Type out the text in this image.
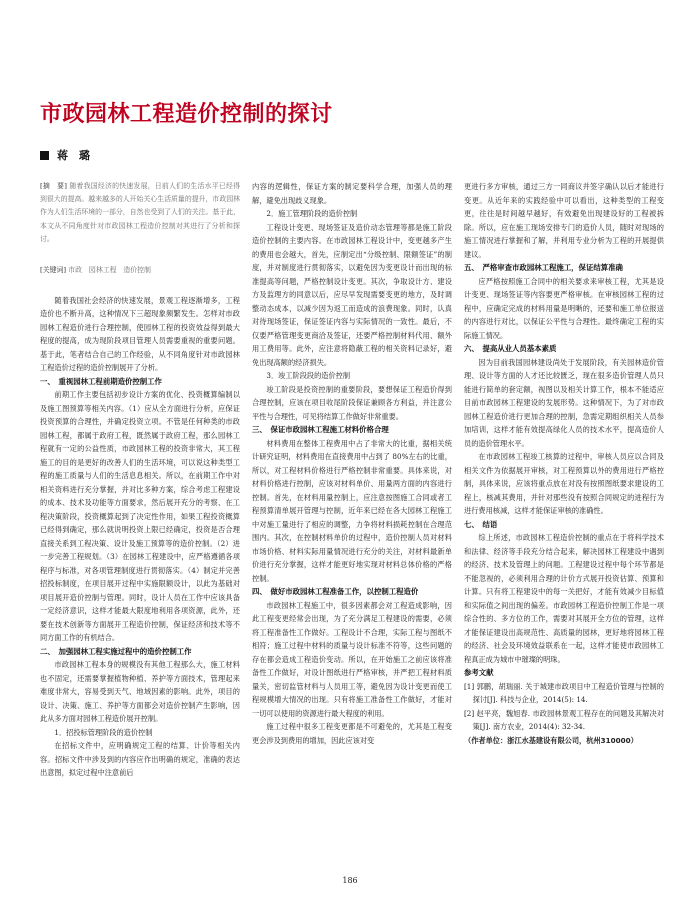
市政园林工程造价控制的探讨
蒋　璐

[摘　要] 随着我国经济的快速发展，日前人们的生活水平已经得到很大的提高。越来越多的人开始关心生活质量的提升，市政园林作为人们生活环境的一部分，自然也受到了人们的关注。基于此，本文从不同角度针对市政园林工程造价控制对其进行了分析和探讨。

[关键词] 市政　园林工程　造价控制

随着我国社会经济的快速发展，景观工程逐渐增多，工程造价也不断升高，这种情况下三超现象频繁发生。怎样对市政园林工程造价进行合理控制，使园林工程的投资效益得到最大程度的提高，成为现阶段项目管理人员需要重视的重要问题。基于此，笔者结合自己的工作经验，从不同角度针对市政园林工程造价过程的造价控制展开了分析。

一、　重视园林工程前期造价控制工作

前期工作主要包括初步设计方案的优化、投资概算编制以及施工图预算等相关内容。（1）应从全方面进行分析，应保证投资预算的合理性，并确定投资立项。不管是任何种类的市政园林工程，都属于政府工程，既然属于政府工程，那么园林工程就有一定的公益性质，市政园林工程的投资非常大，其工程施工的目的是更好的改善人们的生活环境，可以说这种类型工程的施工质量与人们的生活息息相关。所以，在前期工作中对相关资料进行充分掌握，并对比多种方案，综合考虑工程建设的成本、技术及功能等方面要求，然后展开充分的考察、在工程决策阶段，投资概算起到了决定性作用，如果工程投资概算已经得到确定，那么就说明投资上限已经确定，投资是否合理直接关系到工程决策、设计及施工预算等的造价控制。（2）进一步完善工程规划。（3）在园林工程建设中，应严格遵循各项程序与标准，对各项管理制度进行贯彻落实。（4）制定并完善招投标制度，在项目展开过程中实施限额设计，以此为基础对项目展开造价控制与管理。同时，设计人员在工作中应该具备一定经济意识，这样才能最大限度地利用各项资源，此外，还要在技术创新等方面展开工程造价控制，保证经济和技术等不同方面工作的有机结合。

二、　加强园林工程实施过程中的造价控制工作

市政园林工程本身的规模没有其他工程那么大，施工材料也不固定，还需要掌握植物种植、养护等方面技术，管理起来难度非常大，容易受到天气、地域因素的影响。此外，项目的设计、决策、施工、养护等方面都会对造价控制产生影响，因此从多方面对园林工程造价展开控制。

1．招投标管理阶段的造价控制

在招标文件中，应明确规定工程的结算、计价等相关内容。招标文件中涉及到的内容应作出明确的规定，准确的表达出意图，拟定过程中注意前后

内容的逻辑性，保证方案的制定要科学合理，加强人员的理解，避免出现歧义现象。

2．施工管理阶段的造价控制

工程设计变更、现场签证及造价动态管理等都是施工阶段造价控制的主要内容。在市政园林工程设计中，变更越多产生的费用也会越大，首先，应制定出“分级控制、限额签证”的制度，并对制度进行贯彻落实，以避免因为变更设计而出现的标准提高等问题，严格控制设计变更。其次，争取设计方、建设方及监理方的同意以后，应尽早发现需要变更的地方，及时调整动态成本，以减少因为返工而造成的浪费现象。同时，认真对待现场签证，保证签证内容与实际情况的一致性。最后，不仅要严格管理变更商洽及签证，还要严格控制材料代用、额外用工费用等。此外，应注意将隐蔽工程的相关资料记录好，避免出现高额的经济损失。

3．竣工阶段段的造价控制

竣工阶段是投资控制的重要阶段，要想保证工程造价得到合理控制，应该在项目收尾阶段保证兼顾各方利益，并注意公平性与合理性，可见将结算工作做好非常重要。

三、　保证市政园林工程施工材料价格合理

材料费用在整体工程费用中占了非常大的比重，据相关统计研究证明，材料费用在直接费用中占到了 80%左右的比重，所以，对工程材料价格进行严格控制非常重要。具体来说，对材料价格进行控制，应该对材料单价、用量两方面的内容进行控制。首先，在材料用量控制上，应注意按图施工合同或者工程预算清单展开管理与控制，近年来已经在各大园林工程施工中对施工量进行了相应的调整，力争将材料损耗控制在合理范围内。其次，在控制材料单价的过程中，造价控制人员对材料市场价格、材料实际用量情况进行充分的关注，对材料最新单价进行充分掌握，这样才能更好地实现对材料总体价格的严格控制。

四、　做好市政园林工程准备工作，以控制工程造价

市政园林工程施工中，很多因素都会对工程造成影响，因此工程变更经常会出现，为了充分满足工程建设的需要，必须将工程准备性工作做好。工程设计不合理，实际工程与图纸不相符；施工过程中材料的质量与设计标准不符等，这些问题的存在都会造成工程造价变动。所以，在开始施工之前应该将准备性工作做好，对设计图纸进行严格审核，并严把工程材料质量关，密切监管材料与人员用工等，避免因为设计变更而使工程规模增大情况的出现。只有将施工准备性工作做好，才能对一切可以使用的资源进行最大程度的利用。

施工过程中很多工程变更都是不可避免的，尤其是工程变更会涉及到费用的增加，因此应该对变

更进行多方审核，通过三方一同商议并签字确认以后才能进行变更。从近年来的实践经验中可以看出，这种类型的工程变更，往往是时间越早越好，有效避免出现建设好的工程被拆除。所以，应在施工现场安排专门的造价人员，随时对现场的施工情况进行掌握和了解，并利用专业分析为工程的开展提供建议。

五、　严格审查市政园林工程施工，保证结算准确

应严格按照施工合同中的相关要求来审核工程，尤其是设计变更、现场签证等内容要更严格审核。在审核园林工程的过程中，应确定完成的材料用量是明晰的，还要和施工单位报送的内容进行对比，以保证公平性与合理性。最终确定工程的实际施工情况。

六、　提高从业人员基本素质

因为目前我国园林建设尚处于发展阶段，有关园林造价管理、设计等方面的人才还比较匮乏，现在很多造价管理人员只能进行简单的套定额，视图以及相关计算工作，根本不能适应目前市政园林工程建设的发展形势。这种情况下，为了对市政园林工程造价进行更加合理的控制，急需定期组织相关人员参加培训，这样才能有效提高绿化人员的技术水平，提高造价人员的造价管理水平。

在市政园林工程竣工核算的过程中，审核人员应以合同及相关文件为依据展开审核，对工程预算以外的费用进行严格控制，具体来说，应该将重点放在对没有按照图纸要求建设的工程上，核减其费用，并针对那些没有按照合同规定的进程行为进行费用核减，这样才能保证审核的准确性。

七、　结语

综上所述，市政园林工程造价控制的重点在于将科学技术和法律、经济等手段充分结合起来，解决园林工程建设中遇到的经济、技术及管理上的问题。工程建设过程中每个环节都是不能忽视的，必须利用合理的计价方式展开投资估算、预算和计算。只有将工程建设中的每一关把好，才能有效减少目标值和实际值之间出现的偏差。市政园林工程造价控制工作是一项综合性的、多方位的工作，需要对其展开全方位的管理，这样才能保证建设出高规范性、高质量的园林，更好地将园林工程的经济、社会及环境效益联系在一起，这样才能使市政园林工程真正成为城市中璀璨的明珠。

参考文献

[1] 郭鹏，胡瑞丽. 关于城建市政项目中工程造价管理与控制的探讨[J]. 科技与企业，2014(5): 14.

[2] 赵平亮，魏旭春. 市政园林景观工程存在的问题及其解决对策[J]. 南方农业，2014(4): 32-34.

（作者单位：浙江水基建设有限公司，杭州310000）

186
